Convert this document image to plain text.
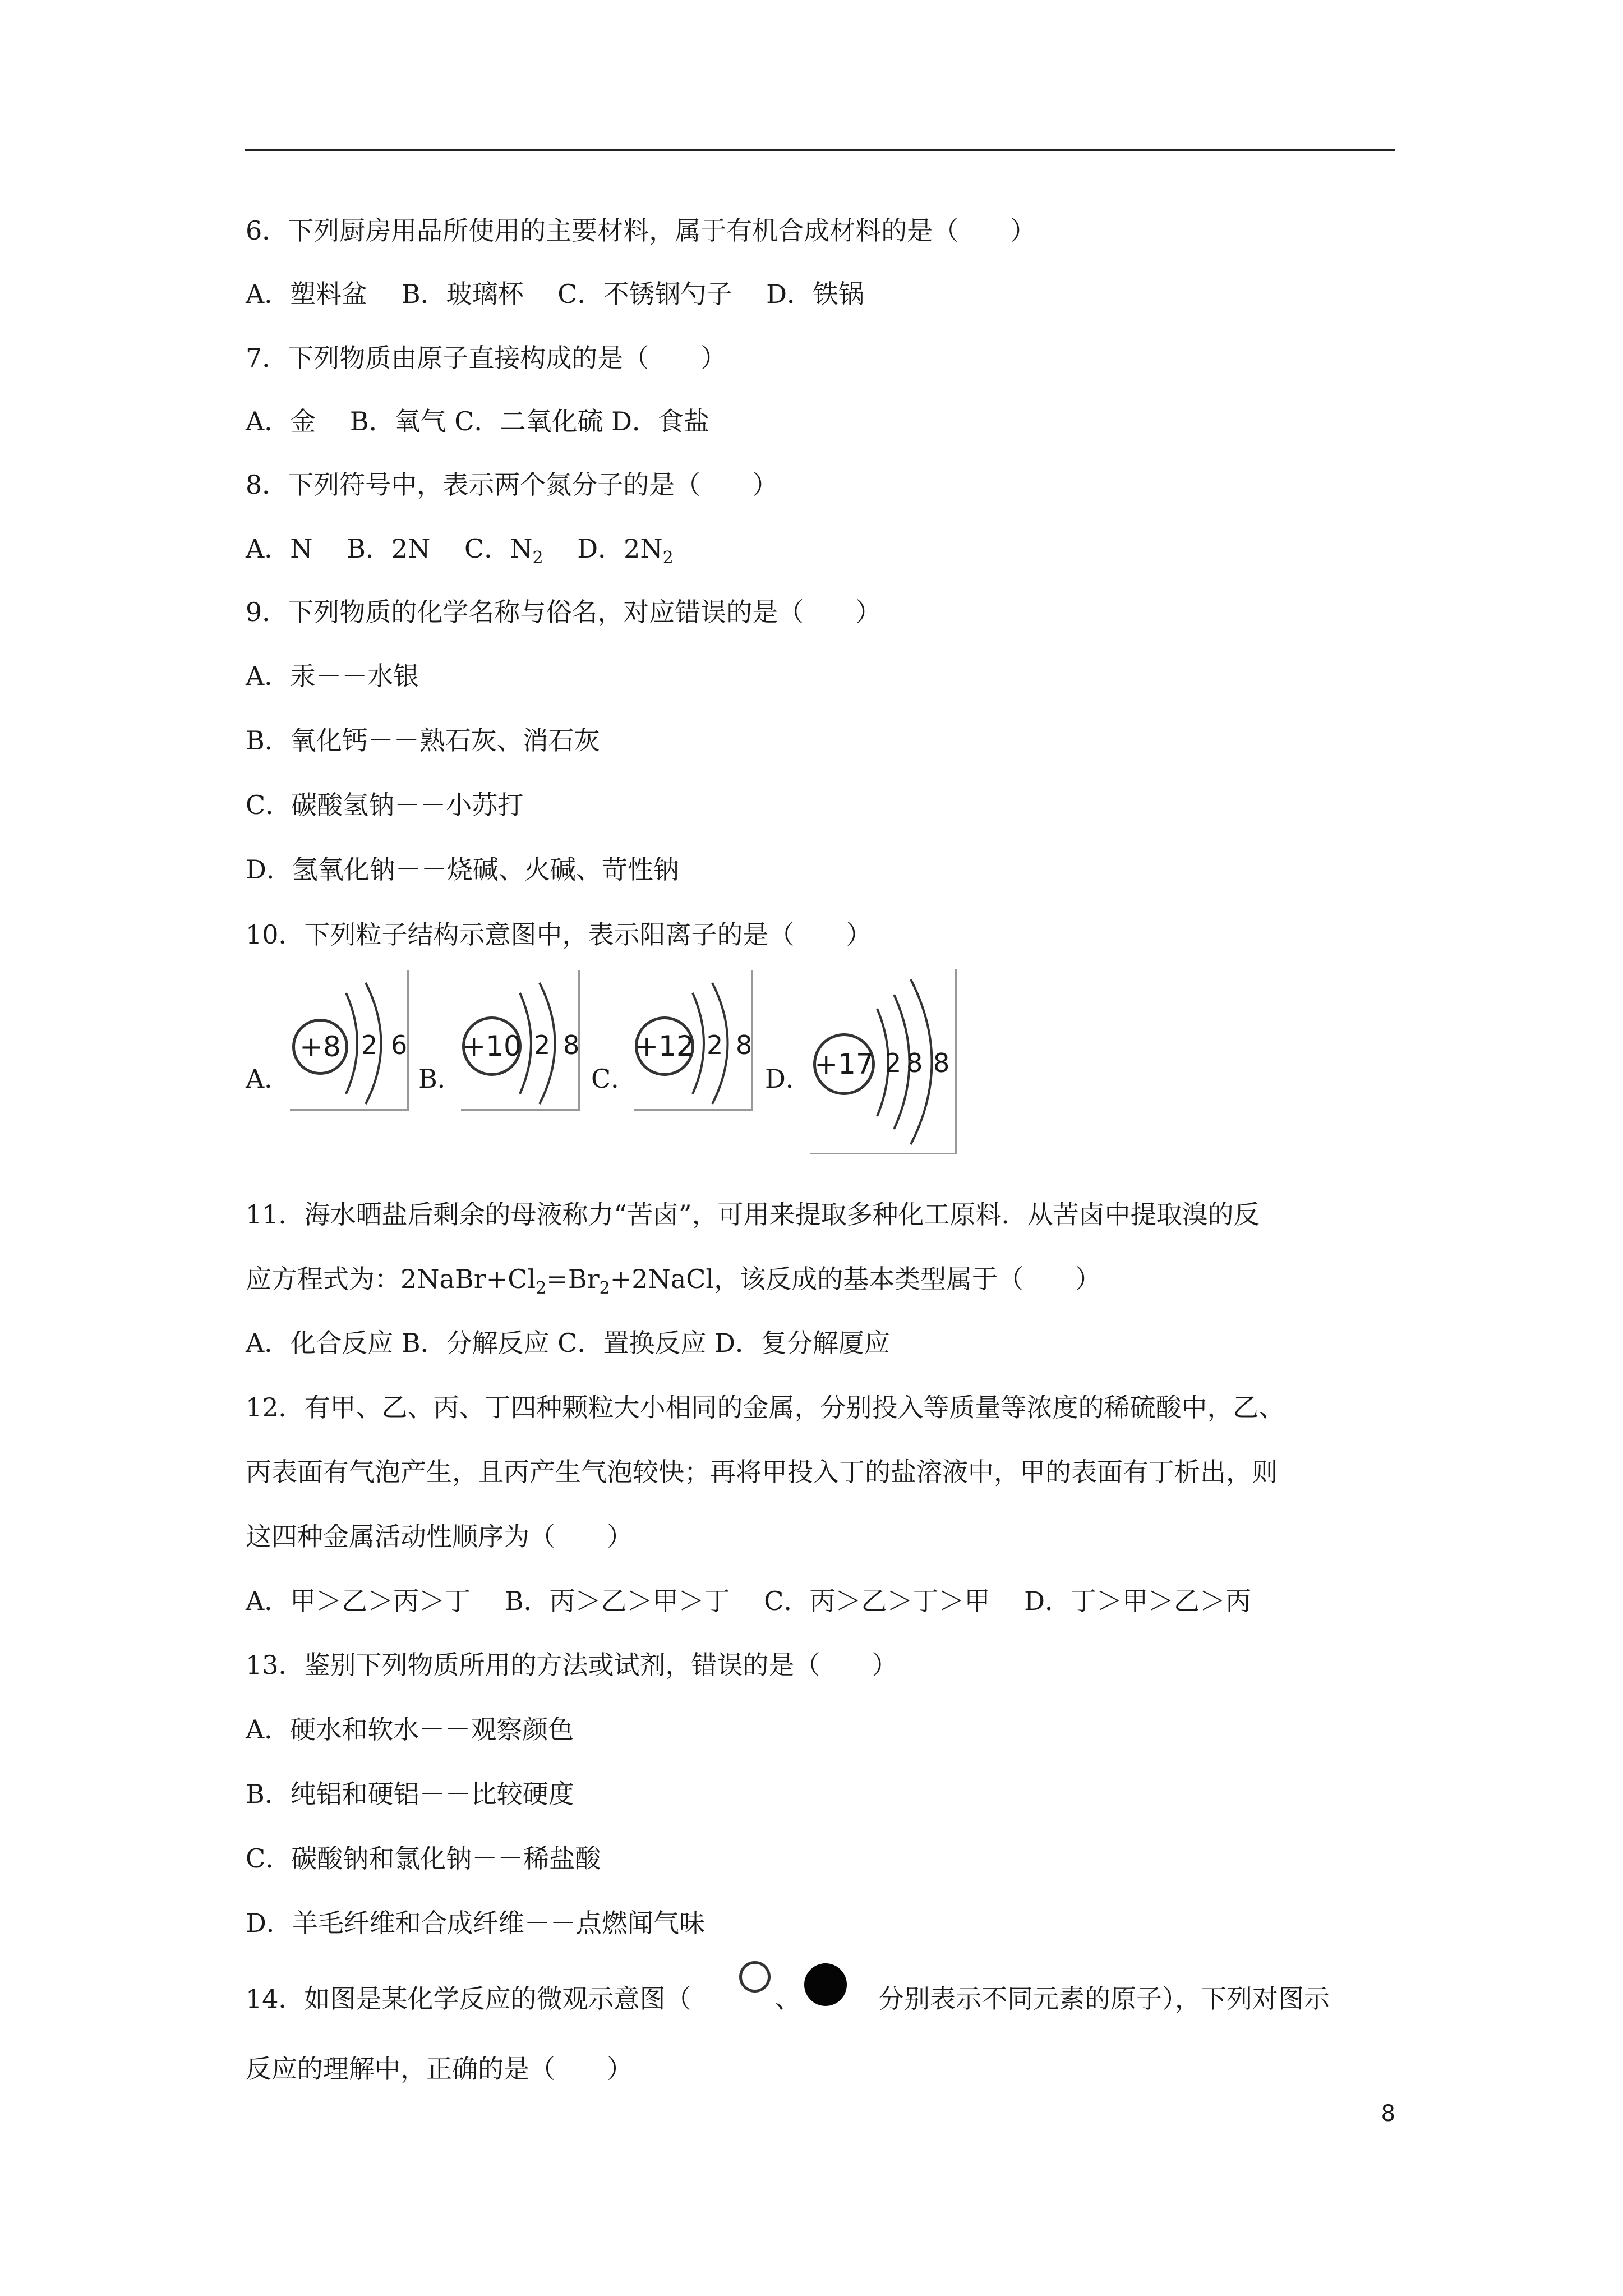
6．下列厨房用品所使用的主要材料，属于有机合成材料的是（　　）
A．塑料盆　 B．玻璃杯　 C．不锈钢勺子　 D．铁锅
7．下列物质由原子直接构成的是（　　）
A．金　 B．氧气 C．二氧化硫 D．食盐
8．下列符号中，表示两个氮分子的是（　　）
A．N　 B．2N　 C．$N_2$　 D．$2N_2$
9．下列物质的化学名称与俗名，对应错误的是（　　）
A．汞－－水银
B．氧化钙－－熟石灰、消石灰
C．碳酸氢钠－－小苏打
D．氢氧化钠－－烧碱、火碱、苛性钠
10．下列粒子结构示意图中，表示阳离子的是（　　）
A．
+8 2 6
B．
+10 2 8
C．
+12 2 8
D． +17 2 8 8
11．海水晒盐后剩余的母液称力“苦卤”，可用来提取多种化工原料．从苦卤中提取溴的反
应方程式为：$2NaBr+Cl_2=Br_2+2NaCl$，该反成的基本类型属于（　　）
A．化合反应 B．分解反应 C．置换反应 D．复分解厦应
12．有甲、乙、丙、丁四种颗粒大小相同的金属，分别投入等质量等浓度的稀硫酸中，乙、
丙表面有气泡产生，且丙产生气泡较快；再将甲投入丁的盐溶液中，甲的表面有丁析出，则
这四种金属活动性顺序为（　　）
A．甲＞乙＞丙＞丁　 B．丙＞乙＞甲＞丁　 C．丙＞乙＞丁＞甲　 D．丁＞甲＞乙＞丙
13．鉴别下列物质所用的方法或试剂，错误的是（　　）
A．硬水和软水－－观察颜色
B．纯铝和硬铝－－比较硬度
C．碳酸钠和氯化钠－－稀盐酸
D．羊毛纤维和合成纤维－－点燃闻气味
14．如图是某化学反应的微观示意图（	、	分别表示不同元素的原子），下列对图示
反应的理解中，正确的是（　　）
8
